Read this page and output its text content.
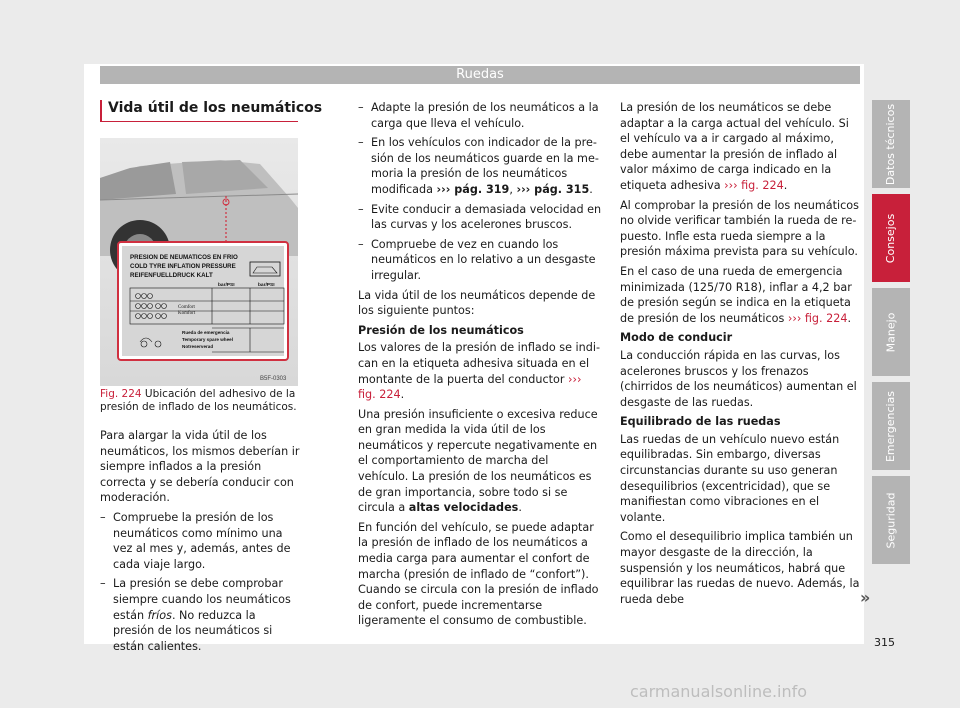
Ruedas
Vida útil de los neumáticos
PRESION DE NEUMATICOS EN FRIO
COLD TYRE INFLATION PRESSURE
REIFENFUELLDRUCK KALT
bar/PSI	bar/PSI
Rueda de emergencia
Temporary spare wheel
Notreserverad
Comfort
Komfort
B5F-0303
Fig. 224 Ubicación del adhesivo de la presión de inflado de los neumáticos.

Para alargar la vida útil de los neumáticos, los mismos deberían ir siempre inflados a la presión correcta y se debería conducir con moderación.

– Compruebe la presión de los neumáticos como mínimo una vez al mes y, además, antes de cada viaje largo.
– La presión se debe comprobar siempre cuando los neumáticos están fríos. No reduzca la presión de los neumáticos si están calientes.
– Adapte la presión de los neumáticos a la carga que lleva el vehículo.
– En los vehículos con indicador de la presión de los neumáticos guarde en la memoria la presión de los neumáticos modificada ››› pág. 319, ››› pág. 315.
– Evite conducir a demasiada velocidad en las curvas y los acelerones bruscos.
– Compruebe de vez en cuando los neumáticos en lo relativo a un desgaste irregular.

La vida útil de los neumáticos depende de los siguiente puntos:

Presión de los neumáticos

Los valores de la presión de inflado se indican en la etiqueta adhesiva situada en el montante de la puerta del conductor ››› fig. 224.

Una presión insuficiente o excesiva reduce en gran medida la vida útil de los neumáticos y repercute negativamente en el comportamiento de marcha del vehículo. La presión de los neumáticos es de gran importancia, sobre todo si se circula a altas velocidades.

En función del vehículo, se puede adaptar la presión de inflado de los neumáticos a media carga para aumentar el confort de marcha (presión de inflado de “confort”). Cuando se circula con la presión de inflado de confort, puede incrementarse ligeramente el consumo de combustible.

La presión de los neumáticos se debe adaptar a la carga actual del vehículo. Si el vehículo va a ir cargado al máximo, debe aumentar la presión de inflado al valor máximo de carga indicado en la etiqueta adhesiva ››› fig. 224.

Al comprobar la presión de los neumáticos no olvide verificar también la rueda de repuesto. Infle esta rueda siempre a la presión máxima prevista para su vehículo.

En el caso de una rueda de emergencia minimizada (125/70 R18), inflar a 4,2 bar de presión según se indica en la etiqueta de presión de los neumáticos ››› fig. 224.

Modo de conducir

La conducción rápida en las curvas, los acelerones bruscos y los frenazos (chirridos de los neumáticos) aumentan el desgaste de las ruedas.

Equilibrado de las ruedas

Las ruedas de un vehículo nuevo están equilibradas. Sin embargo, diversas circunstancias durante su uso generan desequilibrios (excentricidad), que se manifiestan como vibraciones en el volante.

Como el desequilibrio implica también un mayor desgaste de la dirección, la suspensión y los neumáticos, habrá que equilibrar las ruedas de nuevo. Además, la rueda debe	»
Datos técnicos
Consejos
Manejo
Emergencias
Seguridad
315
carmanualsonline.info
